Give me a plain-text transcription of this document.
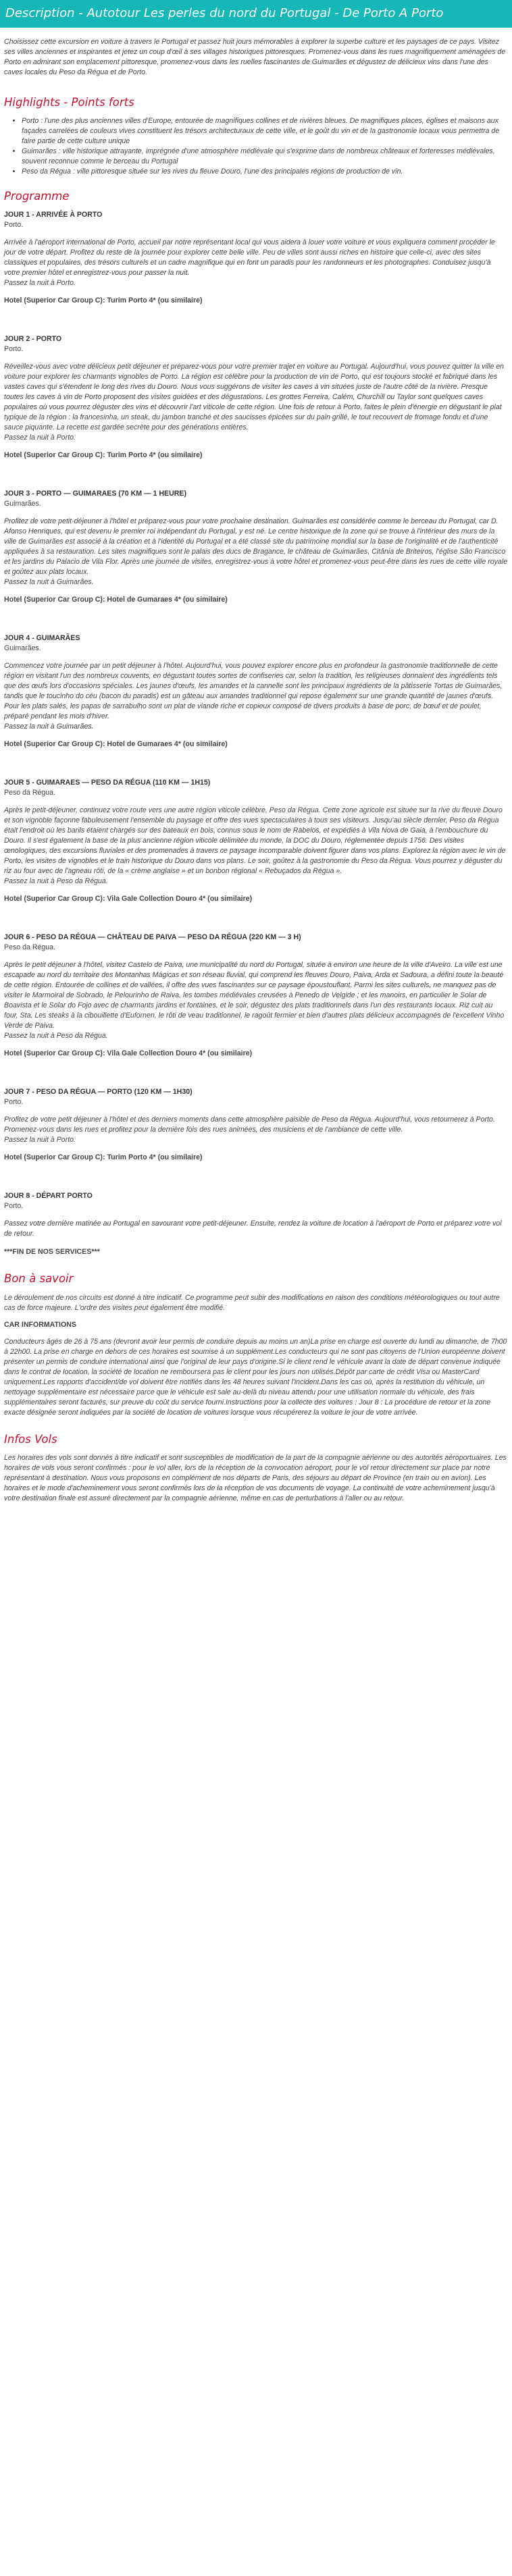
Description - Autotour Les perles du nord du Portugal - De Porto A Porto

Choisissez cette excursion en voiture à travers le Portugal et passez huit jours mémorables à explorer la superbe culture et les paysages de ce pays. Visitez ses villes anciennes et inspirantes et jetez un coup d'œil à ses villages historiques pittoresques. Promenez-vous dans les rues magnifiquement aménagées de Porto en admirant son emplacement pittoresque, promenez-vous dans les ruelles fascinantes de Guimarães et dégustez de délicieux vins dans l'une des caves locales du Peso da Régua et de Porto.

Highlights - Points forts
• Porto : l'une des plus anciennes villes d'Europe, entourée de magnifiques collines et de rivières bleues. De magnifiques places, églises et maisons aux façades carrelées de couleurs vives constituent les trésors architecturaux de cette ville, et le goût du vin et de la gastronomie locaux vous permettra de faire partie de cette culture unique
• Guimarães : ville historique attrayante, imprégnée d'une atmosphère médiévale qui s'exprime dans de nombreux châteaux et forteresses médiévales, souvent reconnue comme le berceau du Portugal
• Peso da Régua : ville pittoresque située sur les rives du fleuve Douro, l'une des principales régions de production de vin.
Programme
JOUR 1 - ARRIVÉE À PORTO
Porto.
Arrivée à l'aéroport international de Porto, accueil par notre représentant local qui vous aidera à louer votre voiture et vous expliquera comment procéder le jour de votre départ. Profitez du reste de la journée pour explorer cette belle ville. Peu de villes sont aussi riches en histoire que celle-ci, avec des sites classiques et populaires, des trésors culturels et un cadre magnifique qui en font un paradis pour les randonneurs et les photographes. Conduisez jusqu'à votre premier hôtel et enregistrez-vous pour passer la nuit.
Passez la nuit à Porto.
Hotel (Superior Car Group C): Turim Porto 4* (ou similaire)
JOUR 2 - PORTO
Porto.
Réveillez-vous avec votre délicieux petit déjeuner et préparez-vous pour votre premier trajet en voiture au Portugal. Aujourd'hui, vous pouvez quitter la ville en voiture pour explorer les charmants vignobles de Porto. La région est célèbre pour la production de vin de Porto, qui est toujours stocké et fabriqué dans les vastes caves qui s'étendent le long des rives du Douro. Nous vous suggérons de visiter les caves à vin situées juste de l'autre côté de la rivière. Presque toutes les caves à vin de Porto proposent des visites guidées et des dégustations. Les grottes Ferreira, Calém, Churchill ou Taylor sont quelques caves populaires où vous pourrez déguster des vins et découvrir l'art viticole de cette région. Une fois de retour à Porto, faites le plein d'énergie en dégustant le plat typique de la région : la francesinha, un steak, du jambon tranché et des saucisses épicées sur du pain grillé, le tout recouvert de fromage fondu et d'une sauce piquante. La recette est gardée secrète pour des générations entières.
Passez la nuit à Porto.
Hotel (Superior Car Group C): Turim Porto 4* (ou similaire)
JOUR 3 - PORTO — GUIMARAES (70 KM — 1 HEURE)
Guimarães.
Profitez de votre petit-déjeuner à l'hôtel et préparez-vous pour votre prochaine destination. Guimarães est considérée comme le berceau du Portugal, car D. Afonso Henriques, qui est devenu le premier roi indépendant du Portugal, y est né. Le centre historique de la zone qui se trouve à l'intérieur des murs de la ville de Guimarães est associé à la création et à l'identité du Portugal et a été classé site du patrimoine mondial sur la base de l'originalité et de l'authenticité appliquées à sa restauration. Les sites magnifiques sont le palais des ducs de Bragance, le château de Guimarães, Citânia de Briteiros, l'église São Francisco et les jardins du Palacio de Vila Flor. Après une journée de visites, enregistrez-vous à votre hôtel et promenez-vous peut-être dans les rues de cette ville royale et goûtez aux plats locaux.
Passez la nuit à Guimarães.
Hotel (Superior Car Group C): Hotel de Gumaraes 4* (ou similaire)
JOUR 4 - GUIMARÃES
Guimarães.
Commencez votre journée par un petit déjeuner à l'hôtel. Aujourd'hui, vous pouvez explorer encore plus en profondeur la gastronomie traditionnelle de cette région en visitant l'un des nombreux couvents, en dégustant toutes sortes de confiseries car, selon la tradition, les religieuses donnaient des ingrédients tels que des œufs lors d'occasions spéciales. Les jaunes d'œufs, les amandes et la cannelle sont les principaux ingrédients de la pâtisserie Tortas de Guimarães, tandis que le toucinho do céu (bacon du paradis) est un gâteau aux amandes traditionnel qui repose également sur une grande quantité de jaunes d'œufs. Pour les plats salés, les papas de sarrabulho sont un plat de viande riche et copieux composé de divers produits à base de porc, de bœuf et de poulet, préparé pendant les mois d'hiver.
Passez la nuit à Guimarães.
Hotel (Superior Car Group C): Hotel de Gumaraes 4* (ou similaire)
JOUR 5 - GUIMARAES — PESO DA RÉGUA (110 KM — 1H15)
Peso da Régua.
Après le petit-déjeuner, continuez votre route vers une autre région viticole célèbre, Peso da Régua. Cette zone agricole est située sur la rive du fleuve Douro et son vignoble façonne fabuleusement l'ensemble du paysage et offre des vues spectaculaires à tous ses visiteurs. Jusqu'au siècle dernier, Peso da Régua était l'endroit où les barils étaient chargés sur des bateaux en bois, connus sous le nom de Rabelos, et expédiés à Vila Nova de Gaia, à l'embouchure du Douro. Il s'est également la base de la plus ancienne région viticole délimitée du monde, la DOC du Douro, réglementée depuis 1756. Des visites œnologiques, des excursions fluviales et des promenades à travers ce paysage incomparable doivent figurer dans vos plans. Explorez la région avec le vin de Porto, les visites de vignobles et le train historique du Douro dans vos plans. Le soir, goûtez à la gastronomie du Peso da Régua. Vous pourrez y déguster du riz au four avec de l'agneau rôti, de la « crème anglaise » et un bonbon régional « Rebuçados da Régua ».
Passez la nuit à Peso da Régua.
Hotel (Superior Car Group C): Vila Gale Collection Douro 4* (ou similaire)
JOUR 6 - PESO DA RÉGUA — CHÂTEAU DE PAIVA — PESO DA RÉGUA (220 KM — 3 H)
Peso da Régua.
Après le petit déjeuner à l'hôtel, visitez Castelo de Paiva, une municipalité du nord du Portugal, située à environ une heure de la ville d'Aveiro. La ville est une escapade au nord du territoire des Montanhas Mágicas et son réseau fluvial, qui comprend les fleuves Douro, Paiva, Arda et Sadoura, a défini toute la beauté de cette région. Entourée de collines et de vallées, il offre des vues fascinantes sur ce paysage époustouflant. Parmi les sites culturels, ne manquez pas de visiter le Marmoiral de Sobrado, le Pelourinho de Raiva, les tombes médiévales creusées à Penedo de Velgide ; et les manoirs, en particulier le Solar de Boavista et le Solar do Fojo avec de charmants jardins et fontaines, et le soir, dégustez des plats traditionnels dans l'un des restaurants locaux. Riz cuit au four, Sta. Les steaks à la cibouillette d'Eufornen, le rôti de veau traditionnel, le ragoût fermier et bien d'autres plats délicieux accompagnés de l'excellent Vinho Verde de Paiva.
Passez la nuit à Peso da Régua.
Hotel (Superior Car Group C): Vila Gale Collection Douro 4* (ou similaire)
JOUR 7 - PESO DA RÉGUA — PORTO (120 KM — 1H30)
Porto.
Profitez de votre petit déjeuner à l'hôtel et des derniers moments dans cette atmosphère paisible de Peso da Régua. Aujourd'hui, vous retournerez à Porto. Promenez-vous dans les rues et profitez pour la dernière fois des rues animées, des musiciens et de l'ambiance de cette ville.
Passez la nuit à Porto.
Hotel (Superior Car Group C): Turim Porto 4* (ou similaire)
JOUR 8 - DÉPART PORTO
Porto.
Passez votre dernière matinée au Portugal en savourant votre petit-déjeuner. Ensuite, rendez la voiture de location à l'aéroport de Porto et préparez votre vol de retour.
***FIN DE NOS SERVICES***
Bon à savoir

Le déroulement de nos circuits est donné à titre indicatif. Ce programme peut subir des modifications en raison des conditions météorologiques ou tout autre cas de force majeure. L'ordre des visites peut également être modifié.

CAR INFORMATIONS

Conducteurs âgés de 26 à 75 ans (devront avoir leur permis de conduire depuis au moins un an)La prise en charge est ouverte du lundi au dimanche, de 7h00 à 22h00. La prise en charge en dehors de ces horaires est soumise à un supplément.Les conducteurs qui ne sont pas citoyens de l'Union européenne doivent présenter un permis de conduire international ainsi que l'original de leur pays d'origine.Si le client rend le véhicule avant la date de départ convenue indiquée dans le contrat de location, la société de location ne remboursera pas le client pour les jours non utilisés.Dépôt par carte de crédit Visa ou MasterCard uniquement.Les rapports d'accident/de vol doivent être notifiés dans les 48 heures suivant l'incident.Dans les cas où, après la restitution du véhicule, un nettoyage supplémentaire est nécessaire parce que le véhicule est sale au-delà du niveau attendu pour une utilisation normale du véhicule, des frais supplémentaires seront facturés, sur preuve du coût du service fourni.Instructions pour la collecte des voitures : Jour 8 : La procédure de retour et la zone exacte désignée seront indiquées par la société de location de voitures lorsque vous récupérerez la voiture le jour de votre arrivée.

Infos Vols

Les horaires des vols sont donnés à titre indicatif et sont susceptibles de modification de la part de la compagnie aérienne ou des autorités aéroportuaires. Les horaires de vols vous seront confirmés : pour le vol aller, lors de la réception de la convocation aéroport, pour le vol retour directement sur place par notre représentant à destination. Nous vous proposons en complément de nos départs de Paris, des séjours au départ de Province (en train ou en avion). Les horaires et le mode d'acheminement vous seront confirmés lors de la réception de vos documents de voyage. La continuité de votre acheminement jusqu'à votre destination finale est assuré directement par la compagnie aérienne, même en cas de perturbations à l'aller ou au retour.
